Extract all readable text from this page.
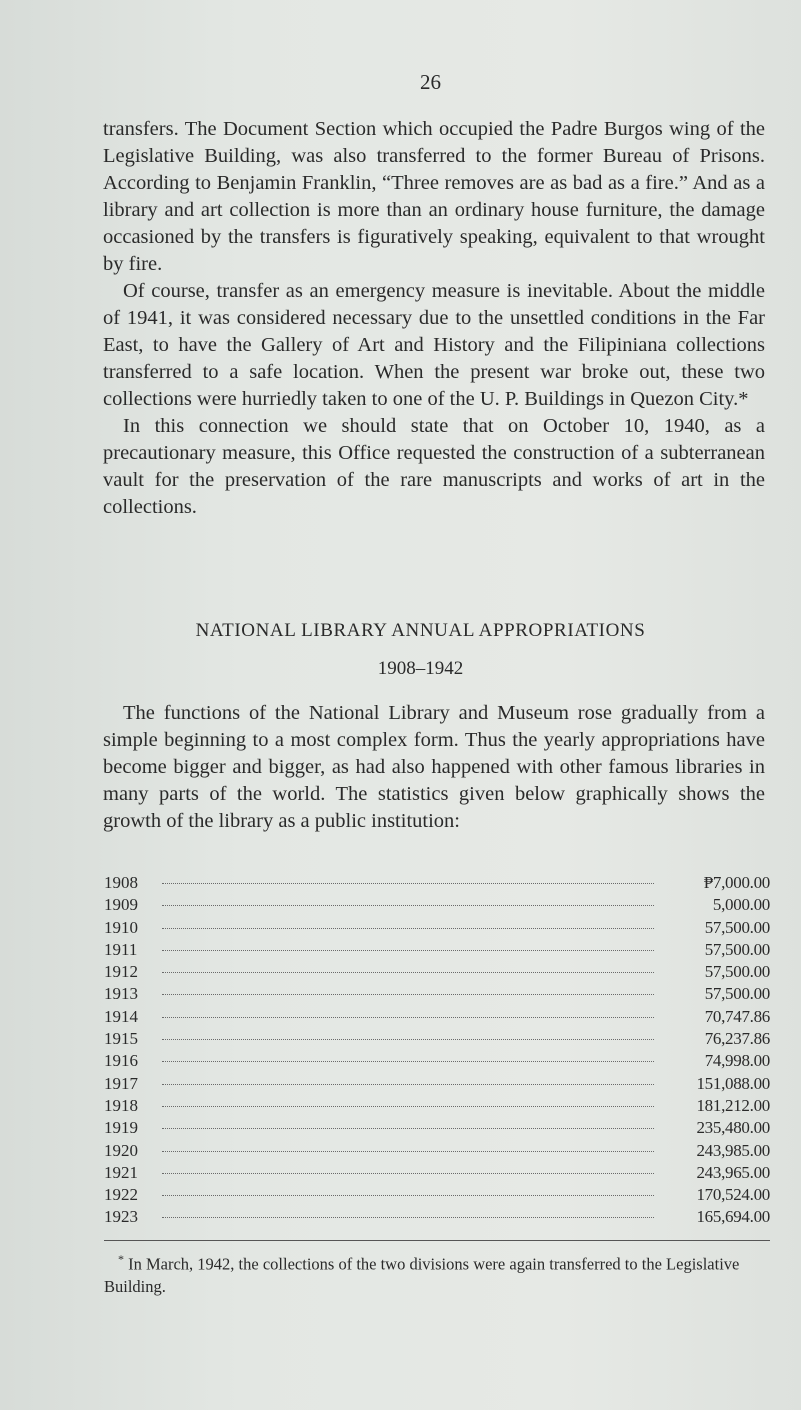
26

transfers. The Document Section which occupied the Padre Burgos wing of the Legislative Building, was also transferred to the former Bureau of Prisons. According to Benjamin Franklin, “Three removes are as bad as a fire.” And as a library and art collection is more than an ordinary house furniture, the damage occasioned by the transfers is figuratively speaking, equivalent to that wrought by fire.

Of course, transfer as an emergency measure is inevitable. About the middle of 1941, it was considered necessary due to the unsettled conditions in the Far East, to have the Gallery of Art and History and the Filipiniana collections transferred to a safe location. When the present war broke out, these two collections were hurriedly taken to one of the U. P. Buildings in Quezon City.*

In this connection we should state that on October 10, 1940, as a precautionary measure, this Office requested the construction of a subterranean vault for the preservation of the rare manuscripts and works of art in the collections.

NATIONAL LIBRARY ANNUAL APPROPRIATIONS
1908–1942

The functions of the National Library and Museum rose gradually from a simple beginning to a most complex form. Thus the yearly appropriations have become bigger and bigger, as had also happened with other famous libraries in many parts of the world. The statistics given below graphically shows the growth of the library as a public institution:

1908	₱7,000.00
1909	5,000.00
1910	57,500.00
1911	57,500.00
1912	57,500.00
1913	57,500.00
1914	70,747.86
1915	76,237.86
1916	74,998.00
1917	151,088.00
1918	181,212.00
1919	235,480.00
1920	243,985.00
1921	243,965.00
1922	170,524.00
1923	165,694.00

* In March, 1942, the collections of the two divisions were again transferred to the Legislative Building.
